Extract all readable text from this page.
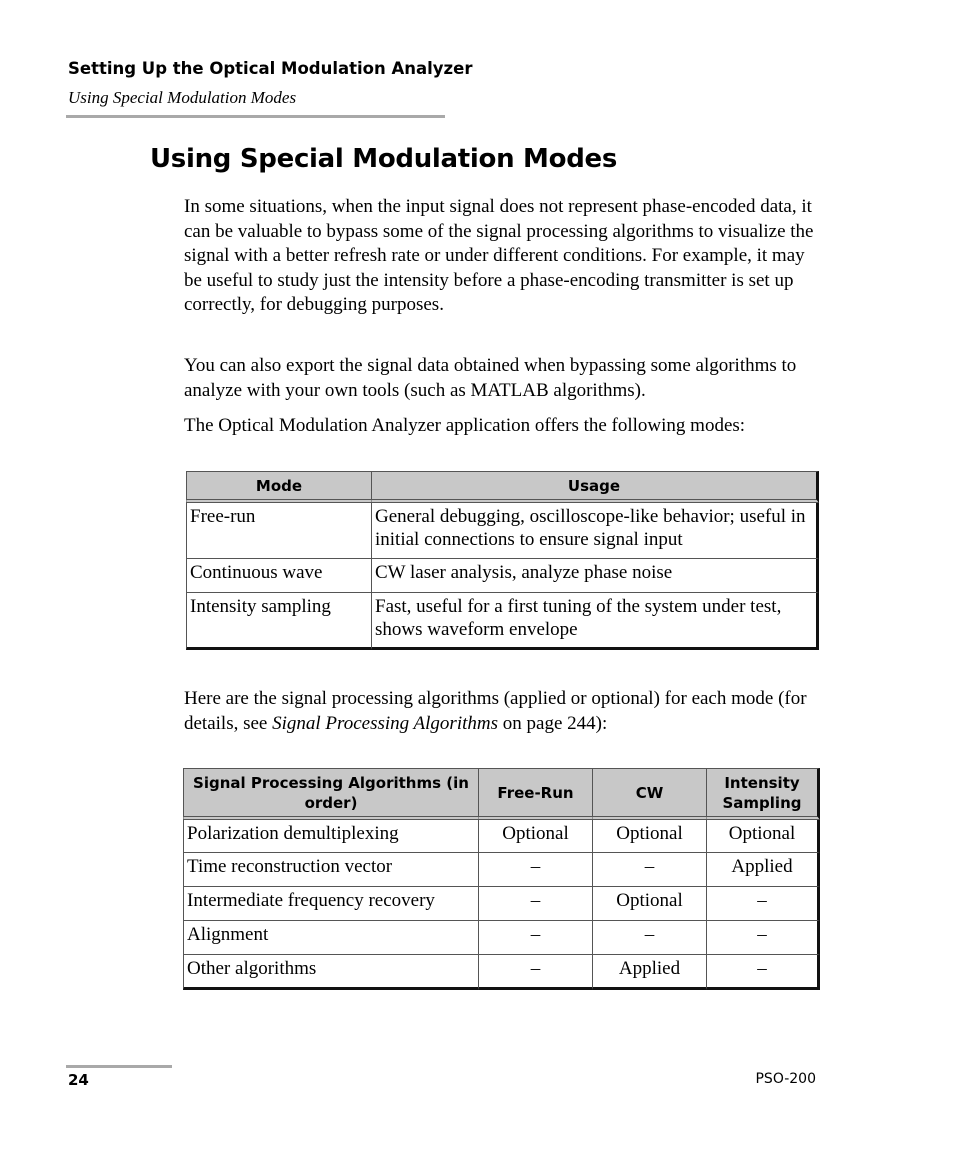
Setting Up the Optical Modulation Analyzer
Using Special Modulation Modes
Using Special Modulation Modes

In some situations, when the input signal does not represent phase-encoded data, it can be valuable to bypass some of the signal processing algorithms to visualize the signal with a better refresh rate or under different conditions. For example, it may be useful to study just the intensity before a phase-encoding transmitter is set up correctly, for debugging purposes.

You can also export the signal data obtained when bypassing some algorithms to analyze with your own tools (such as MATLAB algorithms).

The Optical Modulation Analyzer application offers the following modes:

Mode	Usage
Free-run	General debugging, oscilloscope-like behavior; useful in initial connections to ensure signal input
Continuous wave	CW laser analysis, analyze phase noise
Intensity sampling	Fast, useful for a first tuning of the system under test, shows waveform envelope

Here are the signal processing algorithms (applied or optional) for each mode (for details, see Signal Processing Algorithms on page 244):

Signal Processing Algorithms (in order)	Free-Run	CW	Intensity Sampling
Polarization demultiplexing	Optional	Optional	Optional
Time reconstruction vector	–	–	Applied
Intermediate frequency recovery	–	Optional	–
Alignment	–	–	–
Other algorithms	–	Applied	–
24	PSO-200
